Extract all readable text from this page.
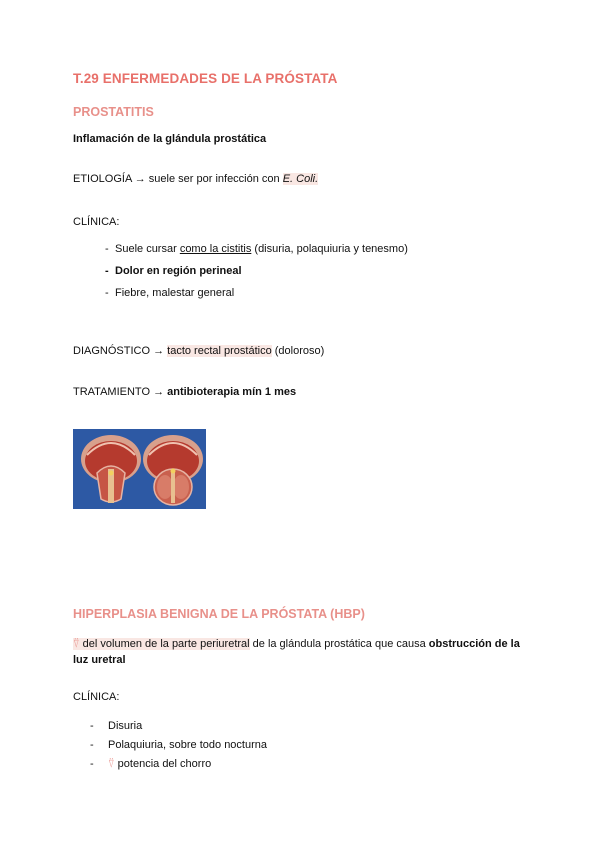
T.29 ENFERMEDADES DE LA PRÓSTATA
PROSTATITIS
Inflamación de la glándula prostática
ETIOLOGÍA → suele ser por infección con E. Coli.
CLÍNICA:
- Suele cursar como la cistitis (disuria, polaquiuria y tenesmo)
- Dolor en región perineal
- Fiebre, malestar general
DIAGNÓSTICO → tacto rectal prostático (doloroso)
TRATAMIENTO → antibioterapia mín 1 mes
HIPERPLASIA BENIGNA DE LA PRÓSTATA (HBP)
⍢ del volumen de la parte periuretral de la glándula prostática que causa obstrucción de la
luz uretral
CLÍNICA:
- Disuria
- Polaquiuria, sobre todo nocturna
- ⍢ potencia del chorro
